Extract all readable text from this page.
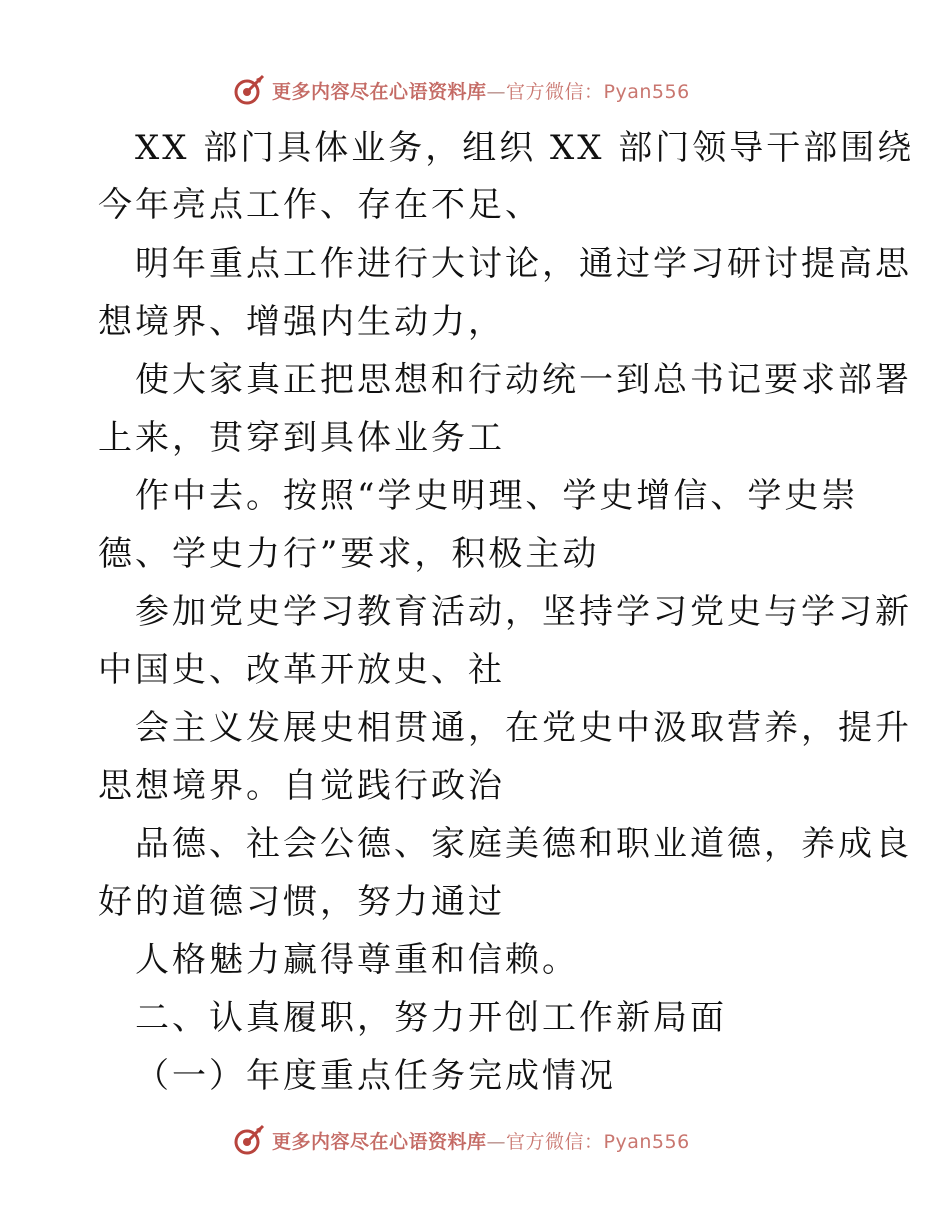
更多内容尽在心语资料库—官方微信：Pyan556
XX 部门具体业务，组织 XX 部门领导干部围绕
今年亮点工作、存在不足、
明年重点工作进行大讨论，通过学习研讨提高思
想境界、增强内生动力，
使大家真正把思想和行动统一到总书记要求部署
上来，贯穿到具体业务工
作中去。按照“学史明理、学史增信、学史崇
德、学史力行”要求，积极主动
参加党史学习教育活动，坚持学习党史与学习新
中国史、改革开放史、社
会主义发展史相贯通，在党史中汲取营养，提升
思想境界。自觉践行政治
品德、社会公德、家庭美德和职业道德，养成良
好的道德习惯，努力通过
人格魅力赢得尊重和信赖。
二、认真履职，努力开创工作新局面
（一）年度重点任务完成情况
更多内容尽在心语资料库—官方微信：Pyan556
